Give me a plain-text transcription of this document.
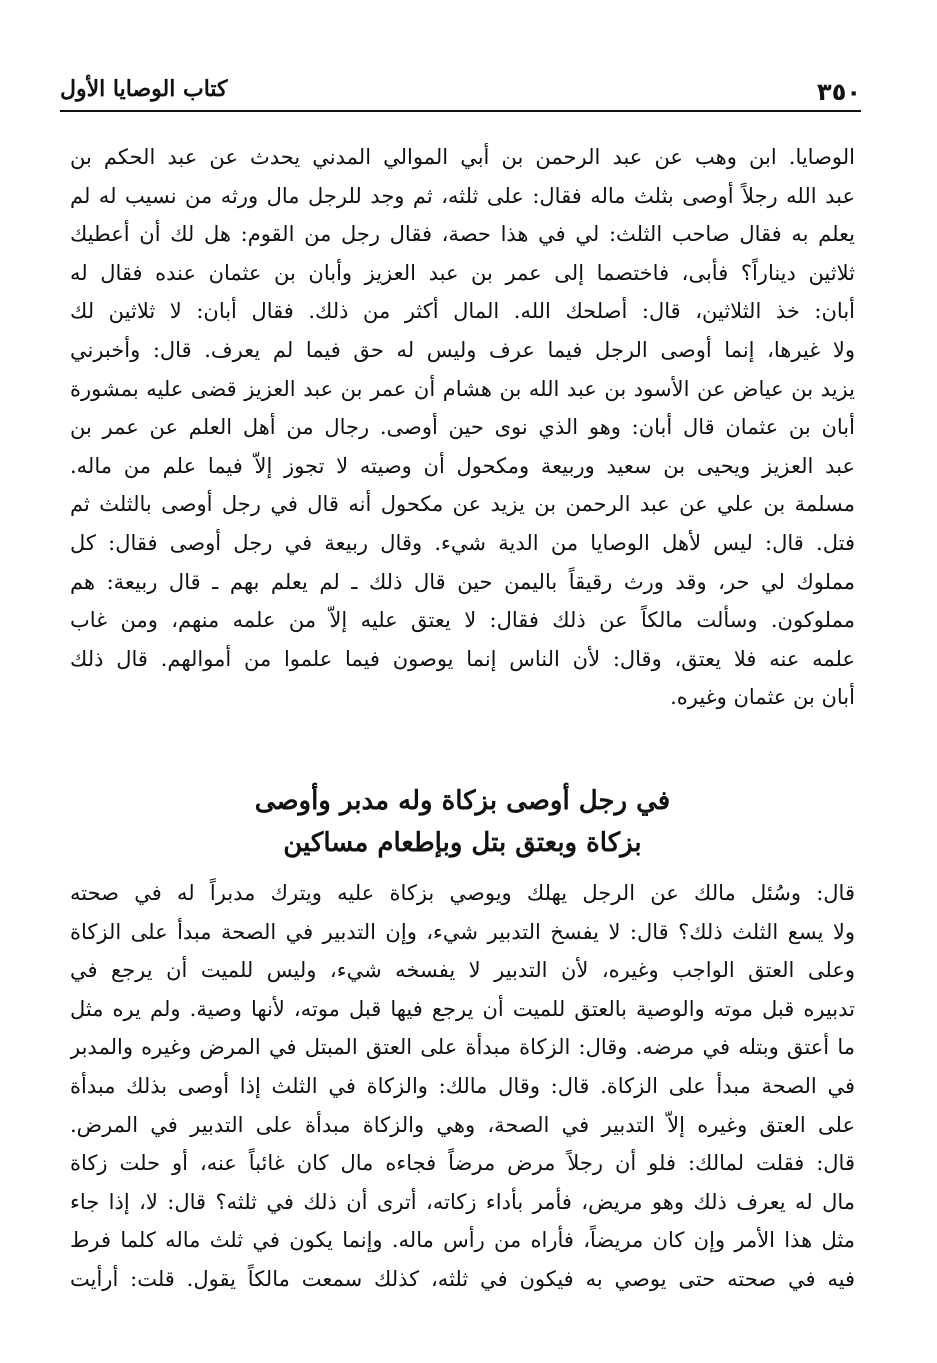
٣٥٠
كتاب الوصايا الأول
الوصايا. ابن وهب عن عبد الرحمن بن أبي الموالي المدني يحدث عن عبد الحكم بن
عبد الله رجلاً أوصى بثلث ماله فقال: على ثلثه، ثم وجد للرجل مال ورثه من نسيب له لم
يعلم به فقال صاحب الثلث: لي في هذا حصة، فقال رجل من القوم: هل لك أن أعطيك
ثلاثين ديناراً؟ فأبى، فاختصما إلى عمر بن عبد العزيز وأبان بن عثمان عنده فقال له
أبان: خذ الثلاثين، قال: أصلحك الله. المال أكثر من ذلك. فقال أبان: لا ثلاثين لك
ولا غيرها، إنما أوصى الرجل فيما عرف وليس له حق فيما لم يعرف. قال: وأخبرني
يزيد بن عياض عن الأسود بن عبد الله بن هشام أن عمر بن عبد العزيز قضى عليه بمشورة
أبان بن عثمان قال أبان: وهو الذي نوى حين أوصى. رجال من أهل العلم عن عمر بن
عبد العزيز ويحيى بن سعيد وربيعة ومكحول أن وصيته لا تجوز إلاّ فيما علم من ماله.
مسلمة بن علي عن عبد الرحمن بن يزيد عن مكحول أنه قال في رجل أوصى بالثلث ثم
فتل. قال: ليس لأهل الوصايا من الدية شيء. وقال ربيعة في رجل أوصى فقال: كل
مملوك لي حر، وقد ورث رقيقاً باليمن حين قال ذلك ـ لم يعلم بهم ـ قال ربيعة: هم
مملوكون. وسألت مالكاً عن ذلك فقال: لا يعتق عليه إلاّ من علمه منهم، ومن غاب
علمه عنه فلا يعتق، وقال: لأن الناس إنما يوصون فيما علموا من أموالهم. قال ذلك
أبان بن عثمان وغيره.
في رجل أوصى بزكاة وله مدبر وأوصى
بزكاة وبعتق بتل وبإطعام مساكين
قال: وسُئل مالك عن الرجل يهلك ويوصي بزكاة عليه ويترك مدبراً له في صحته
ولا يسع الثلث ذلك؟ قال: لا يفسخ التدبير شيء، وإن التدبير في الصحة مبدأ على الزكاة
وعلى العتق الواجب وغيره، لأن التدبير لا يفسخه شيء، وليس للميت أن يرجع في
تدبيره قبل موته والوصية بالعتق للميت أن يرجع فيها قبل موته، لأنها وصية. ولم يره مثل
ما أعتق وبتله في مرضه. وقال: الزكاة مبدأة على العتق المبتل في المرض وغيره والمدبر
في الصحة مبدأ على الزكاة. قال: وقال مالك: والزكاة في الثلث إذا أوصى بذلك مبدأة
على العتق وغيره إلاّ التدبير في الصحة، وهي والزكاة مبدأة على التدبير في المرض.
قال: فقلت لمالك: فلو أن رجلاً مرض مرضاً فجاءه مال كان غائباً عنه، أو حلت زكاة
مال له يعرف ذلك وهو مريض، فأمر بأداء زكاته، أترى أن ذلك في ثلثه؟ قال: لا، إذا جاء
مثل هذا الأمر وإن كان مريضاً، فأراه من رأس ماله. وإنما يكون في ثلث ماله كلما فرط
فيه في صحته حتى يوصي به فيكون في ثلثه، كذلك سمعت مالكاً يقول. قلت: أرأيت
